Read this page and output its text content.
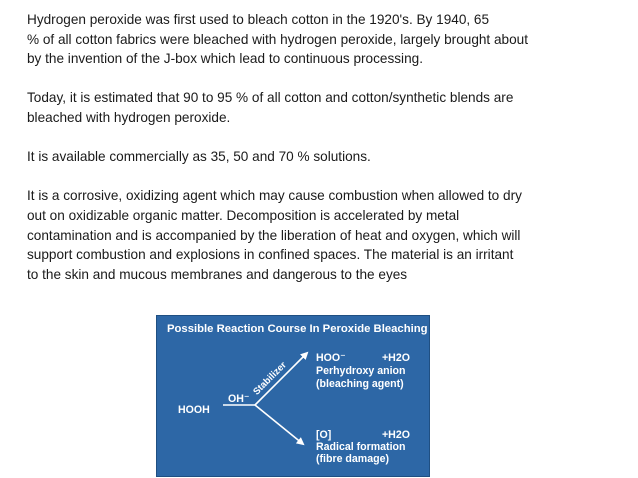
Hydrogen peroxide was first used to bleach cotton in the 1920's. By 1940, 65
% of all cotton fabrics were bleached with hydrogen peroxide, largely brought about
by the invention of the J-box which lead to continuous processing.

Today, it is estimated that 90 to 95 % of all cotton and cotton/synthetic blends are
bleached with hydrogen peroxide.

It is available commercially as 35, 50 and 70 % solutions.

It is a corrosive, oxidizing agent which may cause combustion when allowed to dry
out on oxidizable organic matter. Decomposition is accelerated by metal
contamination and is accompanied by the liberation of heat and oxygen, which will
support combustion and explosions in confined spaces. The material is an irritant
to the skin and mucous membranes and dangerous to the eyes

Possible Reaction Course In Peroxide Bleaching
HOOH
OH⁻
Stabilizer
HOO⁻	+H2O
Perhydroxy anion
(bleaching agent)
[O]	+H2O
Radical formation
(fibre damage)
